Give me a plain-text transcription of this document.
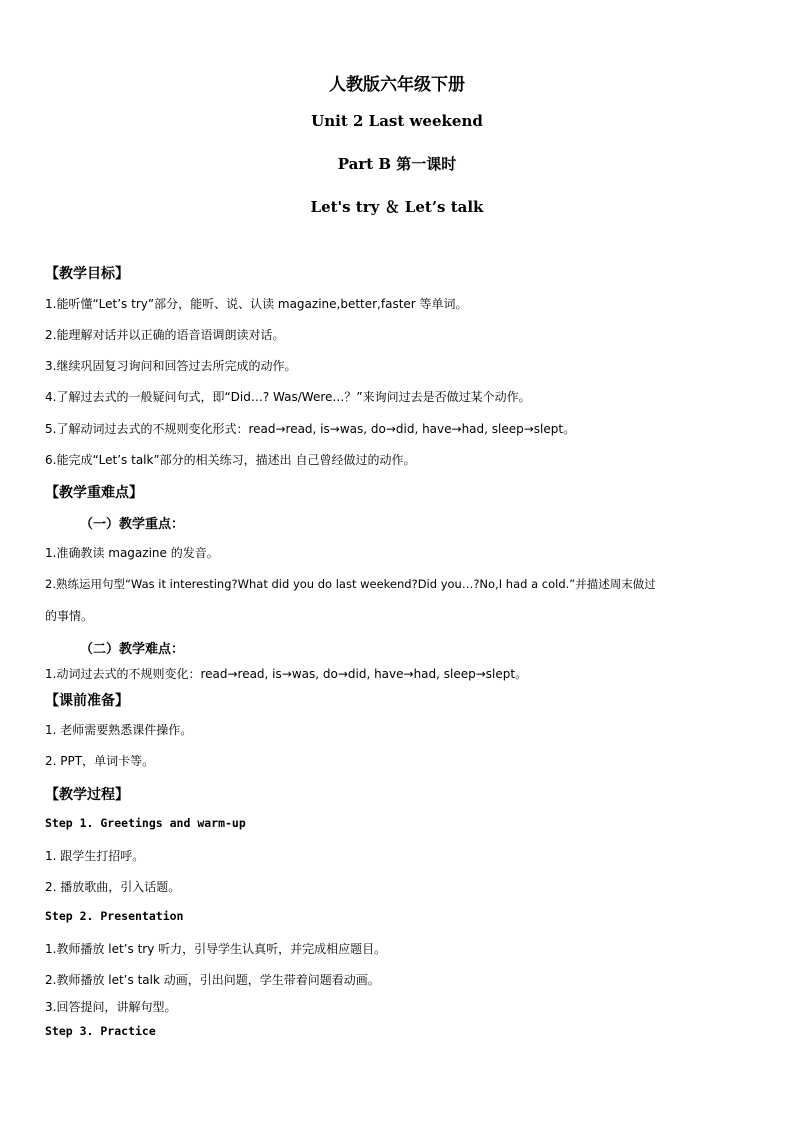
人教版六年级下册
Unit 2 Last weekend
Part B 第一课时
Let's try ＆ Let’s talk
【教学目标】
1.能听懂“Let’s try”部分，能听、说、认读 magazine,better,faster 等单词。
2.能理解对话并以正确的语音语调朗读对话。
3.继续巩固复习询问和回答过去所完成的动作。
4.了解过去式的一般疑问句式，即“Did…? Was/Were…？”来询问过去是否做过某个动作。
5.了解动词过去式的不规则变化形式：read→read, is→was, do→did, have→had, sleep→slept。
6.能完成“Let’s talk”部分的相关练习，描述出 自己曾经做过的动作。
【教学重难点】
（一）教学重点：
1.准确教读 magazine 的发音。
2.熟练运用句型“Was it interesting?What did you do last weekend?Did you…?No,I had a cold.”并描述周末做过
的事情。
（二）教学难点：
1.动词过去式的不规则变化：read→read, is→was, do→did, have→had, sleep→slept。
【课前准备】
1. 老师需要熟悉课件操作。
2. PPT，单词卡等。
【教学过程】
Step 1. Greetings and warm-up
1. 跟学生打招呼。
2. 播放歌曲，引入话题。
Step 2. Presentation
1.教师播放 let’s try 听力，引导学生认真听，并完成相应题目。
2.教师播放 let’s talk 动画，引出问题，学生带着问题看动画。
3.回答提问，讲解句型。
Step 3. Practice
